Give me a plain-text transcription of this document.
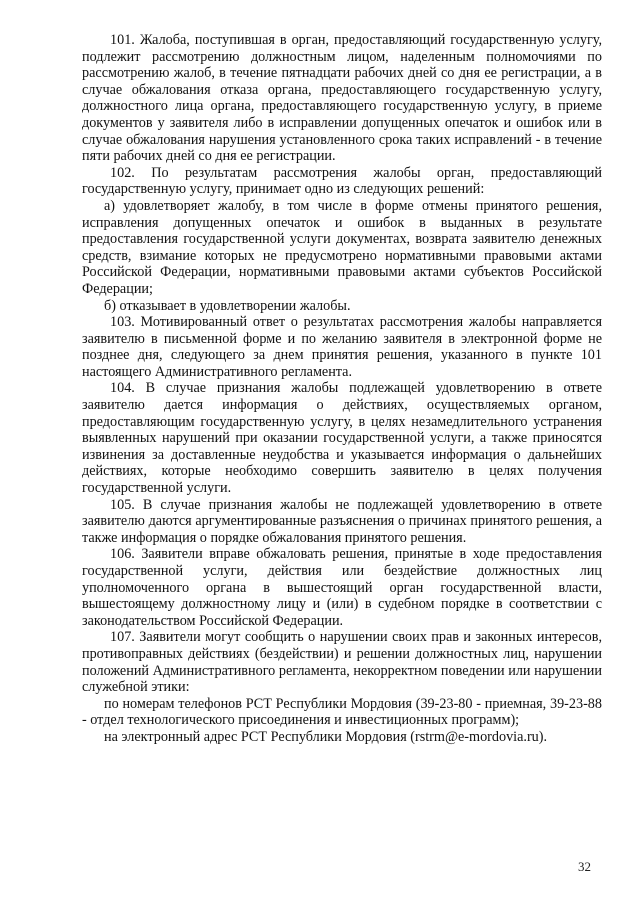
101. Жалоба, поступившая в орган, предоставляющий государственную услугу, подлежит рассмотрению должностным лицом, наделенным полномочиями по рассмотрению жалоб, в течение пятнадцати рабочих дней со дня ее регистрации, а в случае обжалования отказа органа, предоставляющего государственную услугу, должностного лица органа, предоставляющего государственную услугу, в приеме документов у заявителя либо в исправлении допущенных опечаток и ошибок или в случае обжалования нарушения установленного срока таких исправлений - в течение пяти рабочих дней со дня ее регистрации.

102. По результатам рассмотрения жалобы орган, предоставляющий государственную услугу, принимает одно из следующих решений:

а) удовлетворяет жалобу, в том числе в форме отмены принятого решения, исправления допущенных опечаток и ошибок в выданных в результате предоставления государственной услуги документах, возврата заявителю денежных средств, взимание которых не предусмотрено нормативными правовыми актами Российской Федерации, нормативными правовыми актами субъектов Российской Федерации;

б) отказывает в удовлетворении жалобы.

103. Мотивированный ответ о результатах рассмотрения жалобы направляется заявителю в письменной форме и по желанию заявителя в электронной форме не позднее дня, следующего за днем принятия решения, указанного в пункте 101 настоящего Административного регламента.

104. В случае признания жалобы подлежащей удовлетворению в ответе заявителю дается информация о действиях, осуществляемых органом, предоставляющим государственную услугу, в целях незамедлительного устранения выявленных нарушений при оказании государственной услуги, а также приносятся извинения за доставленные неудобства и указывается информация о дальнейших действиях, которые необходимо совершить заявителю в целях получения государственной услуги.

105. В случае признания жалобы не подлежащей удовлетворению в ответе заявителю даются аргументированные разъяснения о причинах принятого решения, а также информация о порядке обжалования принятого решения.

106. Заявители вправе обжаловать решения, принятые в ходе предоставления государственной услуги, действия или бездействие должностных лиц уполномоченного органа в вышестоящий орган государственной власти, вышестоящему должностному лицу и (или) в судебном порядке в соответствии с законодательством Российской Федерации.

107. Заявители могут сообщить о нарушении своих прав и законных интересов, противоправных действиях (бездействии) и решении должностных лиц, нарушении положений Административного регламента, некорректном поведении или нарушении служебной этики:

по номерам телефонов РСТ Республики Мордовия (39-23-80 - приемная, 39-23-88 - отдел технологического присоединения и инвестиционных программ);

на электронный адрес РСТ Республики Мордовия (rstrm@e-mordovia.ru).

32
